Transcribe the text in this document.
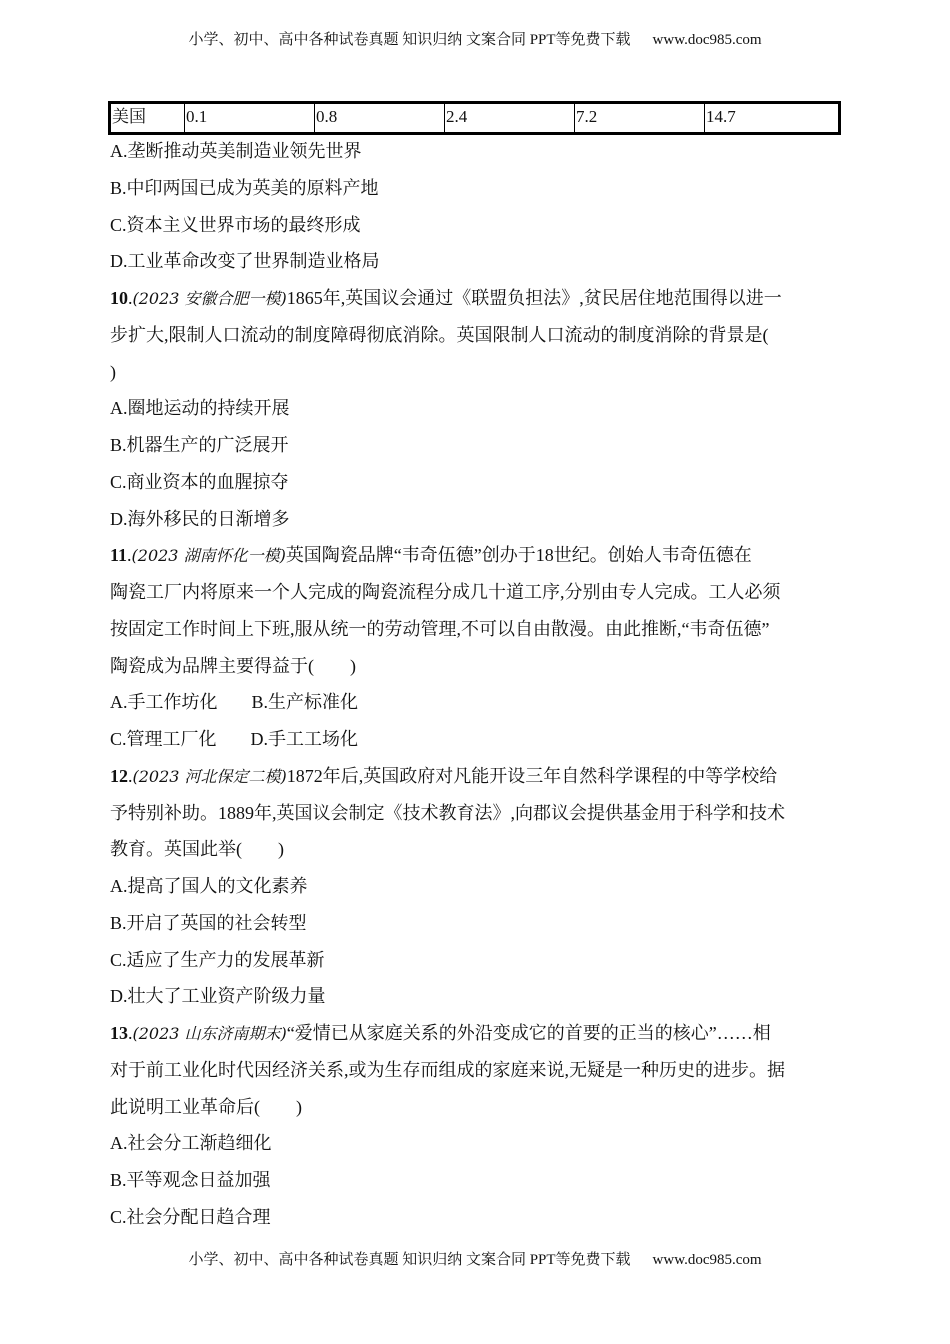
小学、初中、高中各种试卷真题 知识归纳 文案合同 PPT等免费下载 www.doc985.com
美国	0.1	0.8	2.4	7.2	14.7
A.垄断推动英美制造业领先世界
B.中印两国已成为英美的原料产地
C.资本主义世界市场的最终形成
D.工业革命改变了世界制造业格局
10.(2023 安徽合肥一模)1865年,英国议会通过《联盟负担法》,贫民居住地范围得以进一
步扩大,限制人口流动的制度障碍彻底消除。英国限制人口流动的制度消除的背景是(
)
A.圈地运动的持续开展
B.机器生产的广泛展开
C.商业资本的血腥掠夺
D.海外移民的日渐增多
11.(2023 湖南怀化一模)英国陶瓷品牌“韦奇伍德”创办于18世纪。创始人韦奇伍德在
陶瓷工厂内将原来一个人完成的陶瓷流程分成几十道工序,分别由专人完成。工人必须
按固定工作时间上下班,服从统一的劳动管理,不可以自由散漫。由此推断,“韦奇伍德”
陶瓷成为品牌主要得益于(　　)
A.手工作坊化 B.生产标准化
C.管理工厂化 D.手工工场化
12.(2023 河北保定二模)1872年后,英国政府对凡能开设三年自然科学课程的中等学校给
予特别补助。1889年,英国议会制定《技术教育法》,向郡议会提供基金用于科学和技术
教育。英国此举(　　)
A.提高了国人的文化素养
B.开启了英国的社会转型
C.适应了生产力的发展革新
D.壮大了工业资产阶级力量
13.(2023 山东济南期末)“爱情已从家庭关系的外沿变成它的首要的正当的核心”……相
对于前工业化时代因经济关系,或为生存而组成的家庭来说,无疑是一种历史的进步。据
此说明工业革命后(　　)
A.社会分工渐趋细化
B.平等观念日益加强
C.社会分配日趋合理
小学、初中、高中各种试卷真题 知识归纳 文案合同 PPT等免费下载 www.doc985.com
